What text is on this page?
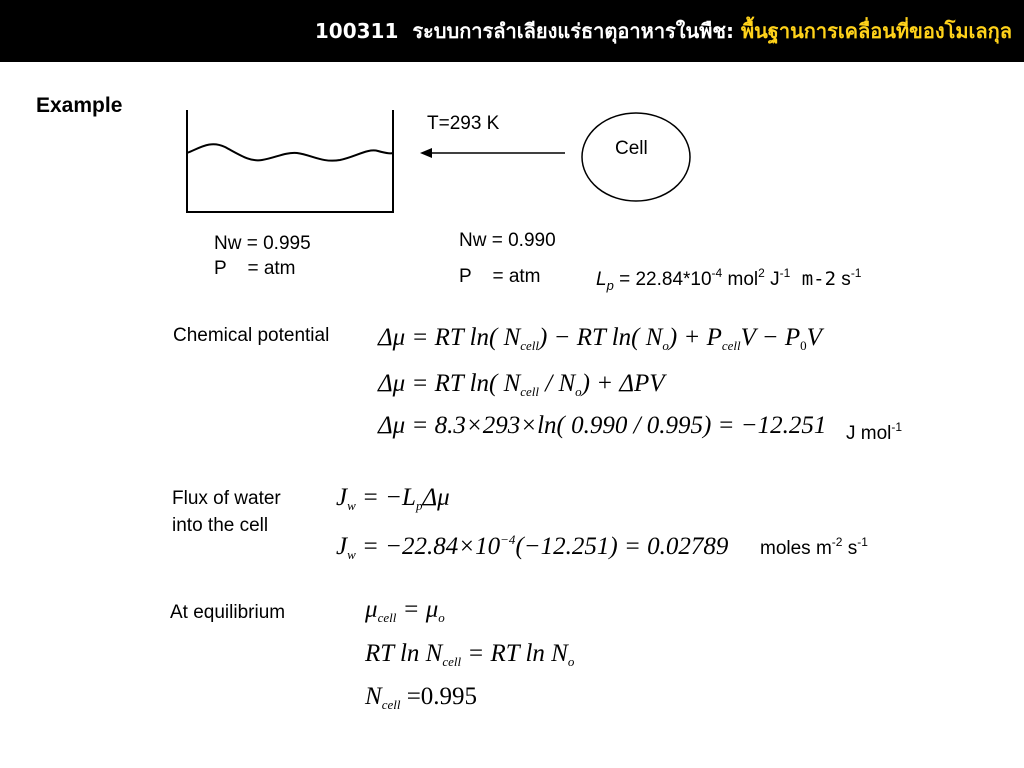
100311  ระบบการลำเลียงแร่ธาตุอาหารในพืช: พื้นฐานการเคลื่อนที่ของโมเลกุล
Example
T=293 K
Cell
Nw = 0.995
P    = atm
Nw = 0.990
P    = atm	$L_p = 22.84*10^{-4}$ mol$^2$ $J^{-1}$ m-2 $s^{-1}$
Chemical potential Δμ = RT ln( $N_{cell}$) − RT ln( $N_o) + P_{cell}V - P_0V$
Δμ = RT ln( $N_{cell} / N_o) + \Delta PV$
Δμ = 8.3×293×ln( 0.990 / 0.995) = −12.251 J mol$^{-1}$
Flux of water
into the cell
$J_w = -L_p\Delta\mu$
$J_w = -22.84\times 10^{-4}(-12.251) = 0.02789$ moles $m^{-2}$ $s^{-1}$
At equilibrium	$\mu_{cell} = \mu_o$
RT $\ln N_{cell}$ = RT $\ln N_o$
$N_{cell} =0.995$
